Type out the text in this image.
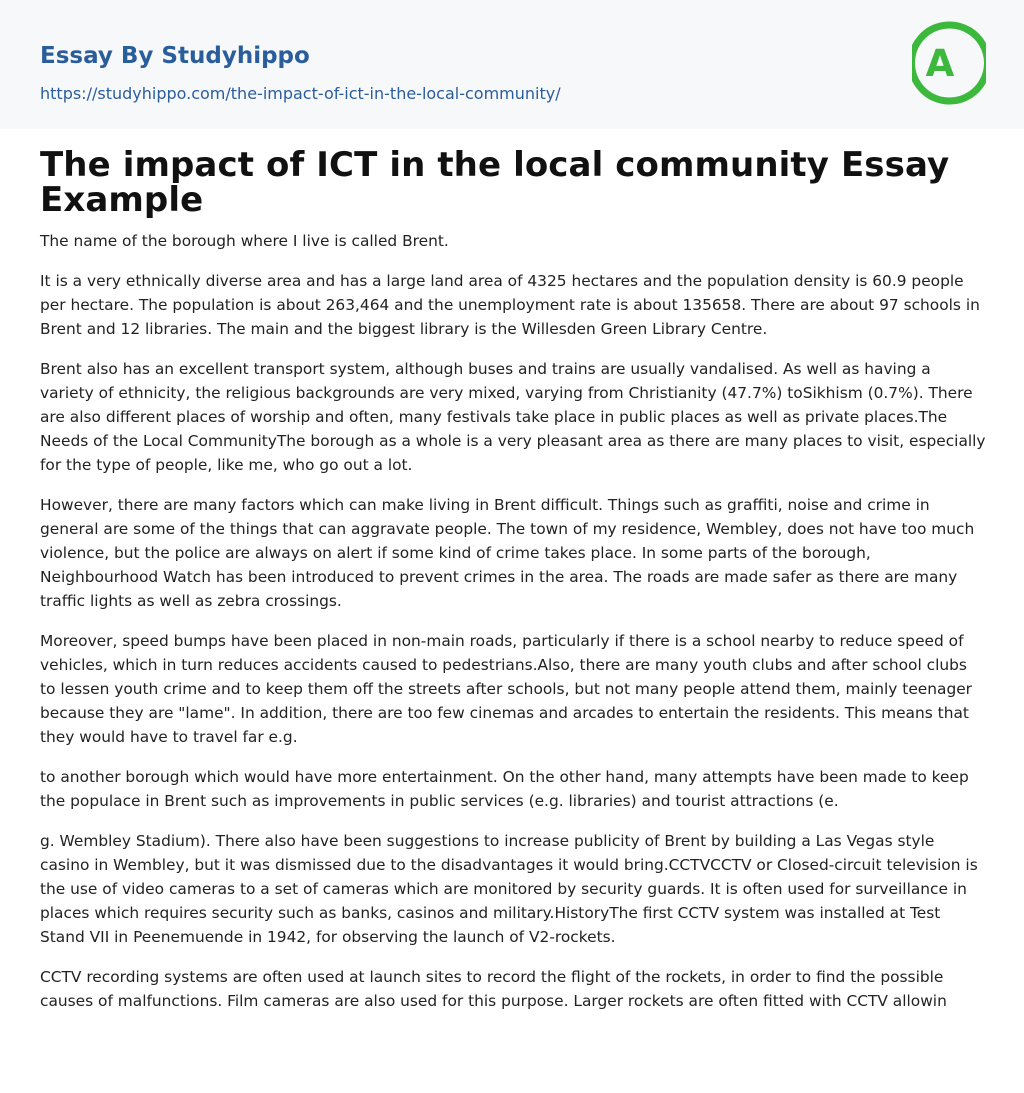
Essay By Studyhippo
https://studyhippo.com/the-impact-of-ict-in-the-local-community/
A
The impact of ICT in the local community Essay Example

The name of the borough where I live is called Brent.

It is a very ethnically diverse area and has a large land area of 4325 hectares and the population density is 60.9 people per hectare. The population is about 263,464 and the unemployment rate is about 135658. There are about 97 schools in Brent and 12 libraries. The main and the biggest library is the Willesden Green Library Centre.

Brent also has an excellent transport system, although buses and trains are usually vandalised. As well as having a variety of ethnicity, the religious backgrounds are very mixed, varying from Christianity (47.7%) toSikhism (0.7%). There are also different places of worship and often, many festivals take place in public places as well as private places.The Needs of the Local CommunityThe borough as a whole is a very pleasant area as there are many places to visit, especially for the type of people, like me, who go out a lot.

However, there are many factors which can make living in Brent difficult. Things such as graffiti, noise and crime in general are some of the things that can aggravate people. The town of my residence, Wembley, does not have too much violence, but the police are always on alert if some kind of crime takes place. In some parts of the borough, Neighbourhood Watch has been introduced to prevent crimes in the area. The roads are made safer as there are many traffic lights as well as zebra crossings.

Moreover, speed bumps have been placed in non-main roads, particularly if there is a school nearby to reduce speed of vehicles, which in turn reduces accidents caused to pedestrians.Also, there are many youth clubs and after school clubs to lessen youth crime and to keep them off the streets after schools, but not many people attend them, mainly teenager because they are "lame". In addition, there are too few cinemas and arcades to entertain the residents. This means that they would have to travel far e.g.

to another borough which would have more entertainment. On the other hand, many attempts have been made to keep the populace in Brent such as improvements in public services (e.g. libraries) and tourist attractions (e.

g. Wembley Stadium). There also have been suggestions to increase publicity of Brent by building a Las Vegas style casino in Wembley, but it was dismissed due to the disadvantages it would bring.CCTVCCTV or Closed-circuit television is the use of video cameras to a set of cameras which are monitored by security guards. It is often used for surveillance in places which requires security such as banks, casinos and military.HistoryThe first CCTV system was installed at Test Stand VII in Peenemuende in 1942, for observing the launch of V2-rockets.

CCTV recording systems are often used at launch sites to record the flight of the rockets, in order to find the possible causes of malfunctions. Film cameras are also used for this purpose. Larger rockets are often fitted with CCTV allowin
